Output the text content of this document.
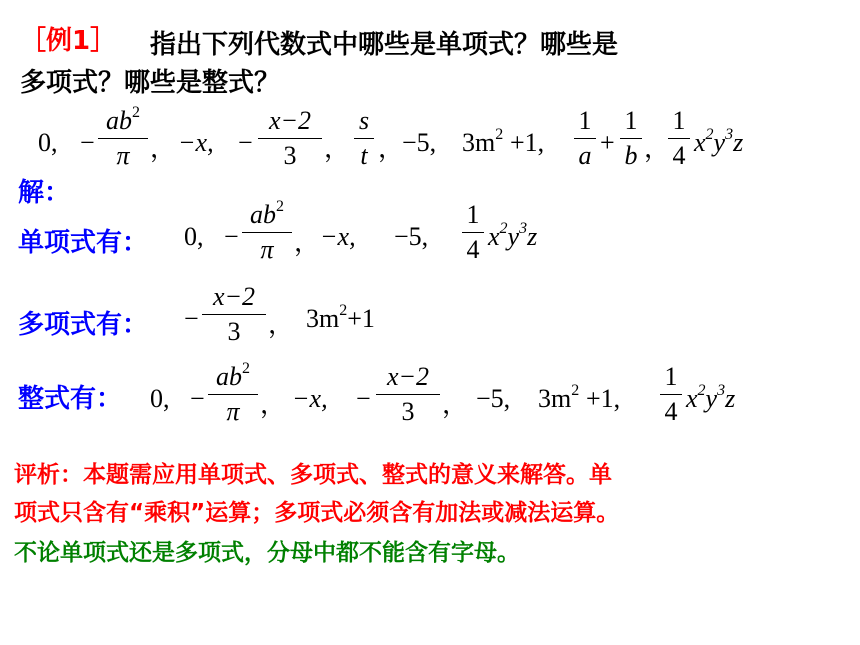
［例1］ 指出下列代数式中哪些是单项式？哪些是
多项式？哪些是整式？
0, −
$ab^2$
π ， −x, −
x−2
3	，
s
t ，
−5, $3m^2 +1$,
1
a +
1
b ，
1
4 $x^2y^3z$
解：
单项式有： 0, −
$ab^2$
π ， −x, −5,
1
4 $x^2y^3z$
多项式有： −
x−2
3	， $3m^2+1$
整式有： 0, −
$ab^2$
π ， −x, −
x−2
3	， −5, $3m^2 +1$,
1
4 $x^2y^3z$
评析：本题需应用单项式、多项式、整式的意义来解答。单
项式只含有“乘积”运算；多项式必须含有加法或减法运算。
不论单项式还是多项式，分母中都不能含有字母。
